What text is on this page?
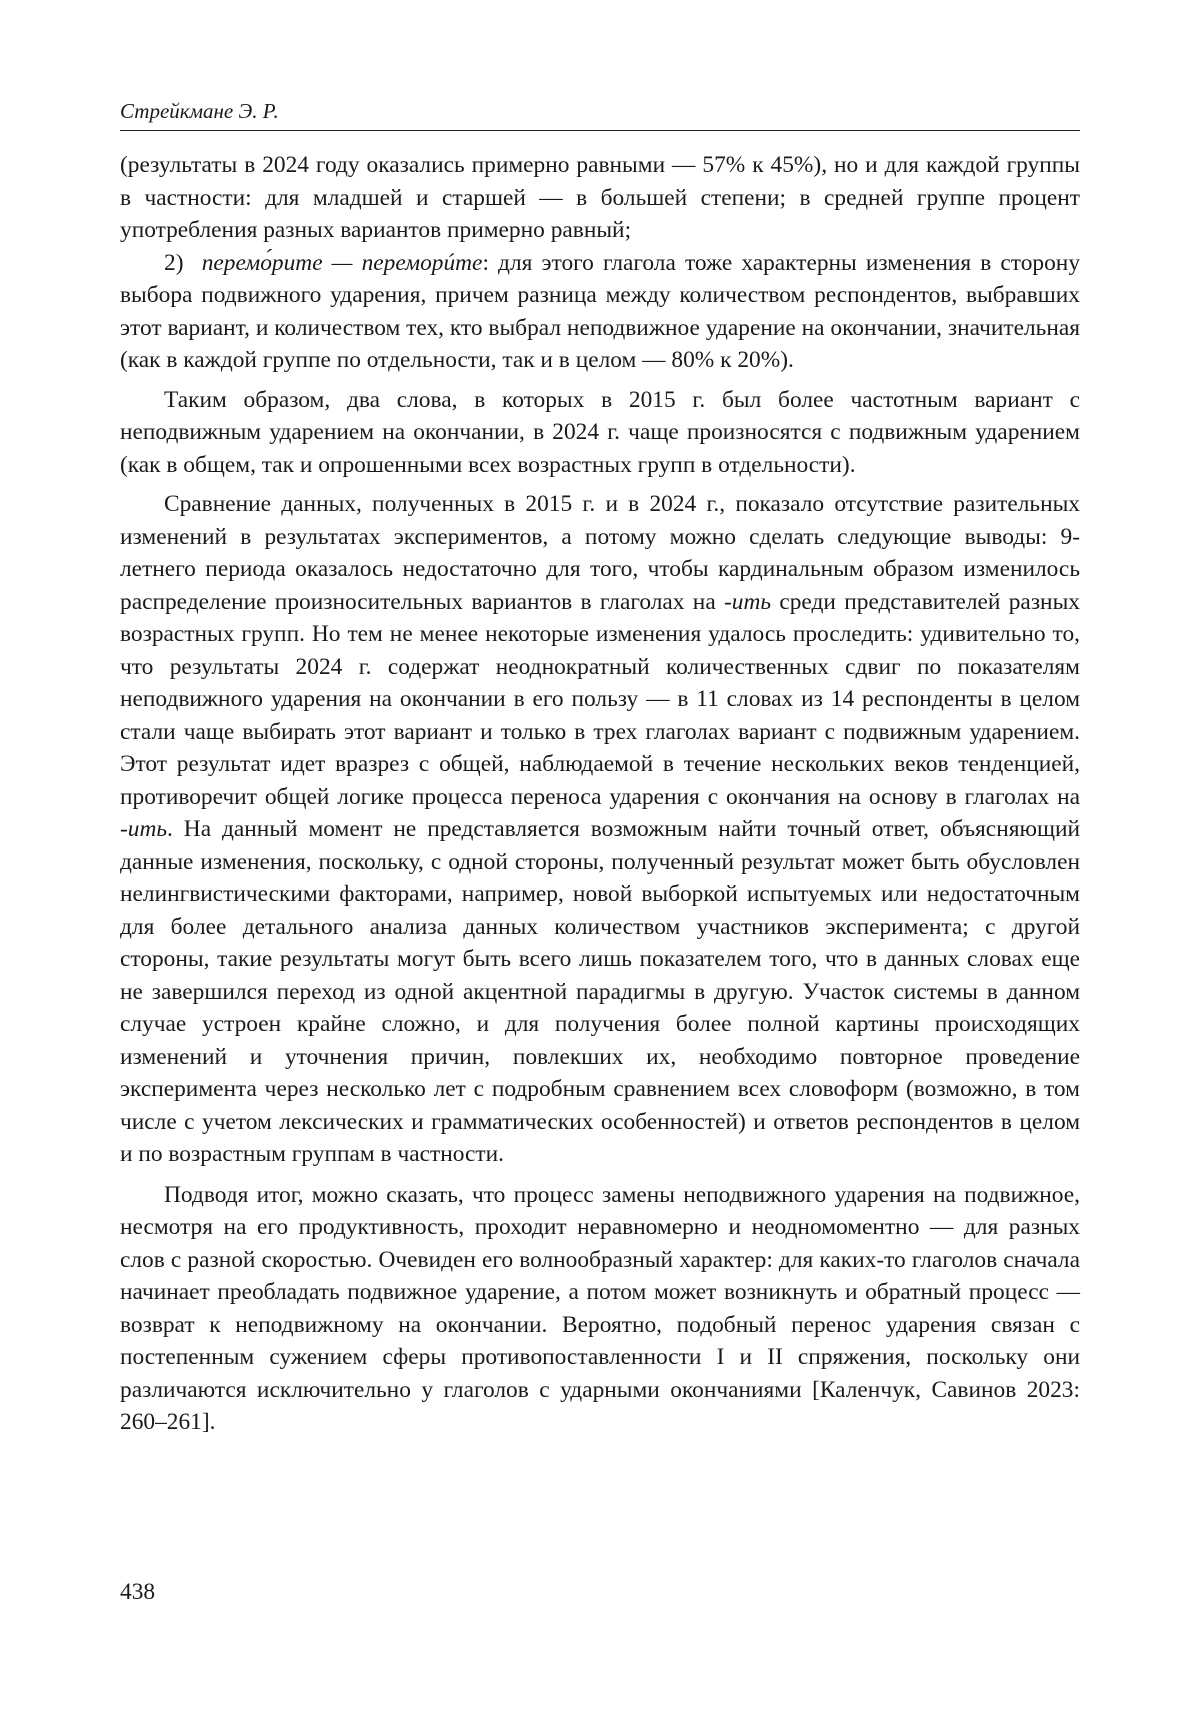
Стрейкмане Э. Р.

(результаты в 2024 году оказались примерно равными — 57% к 45%), но и для каждой группы в частности: для младшей и старшей — в большей степени; в средней группе процент употребления разных вариантов примерно равный;

2) перемо́рите — переморúте: для этого глагола тоже характерны изменения в сторону выбора подвижного ударения, причем разница между количеством респондентов, выбравших этот вариант, и количеством тех, кто выбрал неподвижное ударение на окончании, значительная (как в каждой группе по отдельности, так и в целом — 80% к 20%).

Таким образом, два слова, в которых в 2015 г. был более частотным вариант с неподвижным ударением на окончании, в 2024 г. чаще произносятся с подвижным ударением (как в общем, так и опрошенными всех возрастных групп в отдельности).

Сравнение данных, полученных в 2015 г. и в 2024 г., показало отсутствие разительных изменений в результатах экспериментов, а потому можно сделать следующие выводы: 9-летнего периода оказалось недостаточно для того, чтобы кардинальным образом изменилось распределение произносительных вариантов в глаголах на -ить среди представителей разных возрастных групп. Но тем не менее некоторые изменения удалось проследить: удивительно то, что результаты 2024 г. содержат неоднократный количественных сдвиг по показателям неподвижного ударения на окончании в его пользу — в 11 словах из 14 респонденты в целом стали чаще выбирать этот вариант и только в трех глаголах вариант с подвижным ударением. Этот результат идет вразрез с общей, наблюдаемой в течение нескольких веков тенденцией, противоречит общей логике процесса переноса ударения с окончания на основу в глаголах на -ить. На данный момент не представляется возможным найти точный ответ, объясняющий данные изменения, поскольку, с одной стороны, полученный результат может быть обусловлен нелингвистическими факторами, например, новой выборкой испытуемых или недостаточным для более детального анализа данных количеством участников эксперимента; с другой стороны, такие результаты могут быть всего лишь показателем того, что в данных словах еще не завершился переход из одной акцентной парадигмы в другую. Участок системы в данном случае устроен крайне сложно, и для получения более полной картины происходящих изменений и уточнения причин, повлекших их, необходимо повторное проведение эксперимента через несколько лет с подробным сравнением всех словоформ (возможно, в том числе с учетом лексических и грамматических особенностей) и ответов респондентов в целом и по возрастным группам в частности.

Подводя итог, можно сказать, что процесс замены неподвижного ударения на подвижное, несмотря на его продуктивность, проходит неравномерно и неодномоментно — для разных слов с разной скоростью. Очевиден его волнообразный характер: для каких-то глаголов сначала начинает преобладать подвижное ударение, а потом может возникнуть и обратный процесс — возврат к неподвижному на окончании. Вероятно, подобный перенос ударения связан с постепенным сужением сферы противопоставленности I и II спряжения, поскольку они различаются исключительно у глаголов с ударными окончаниями [Каленчук, Савинов 2023: 260–261].

438
